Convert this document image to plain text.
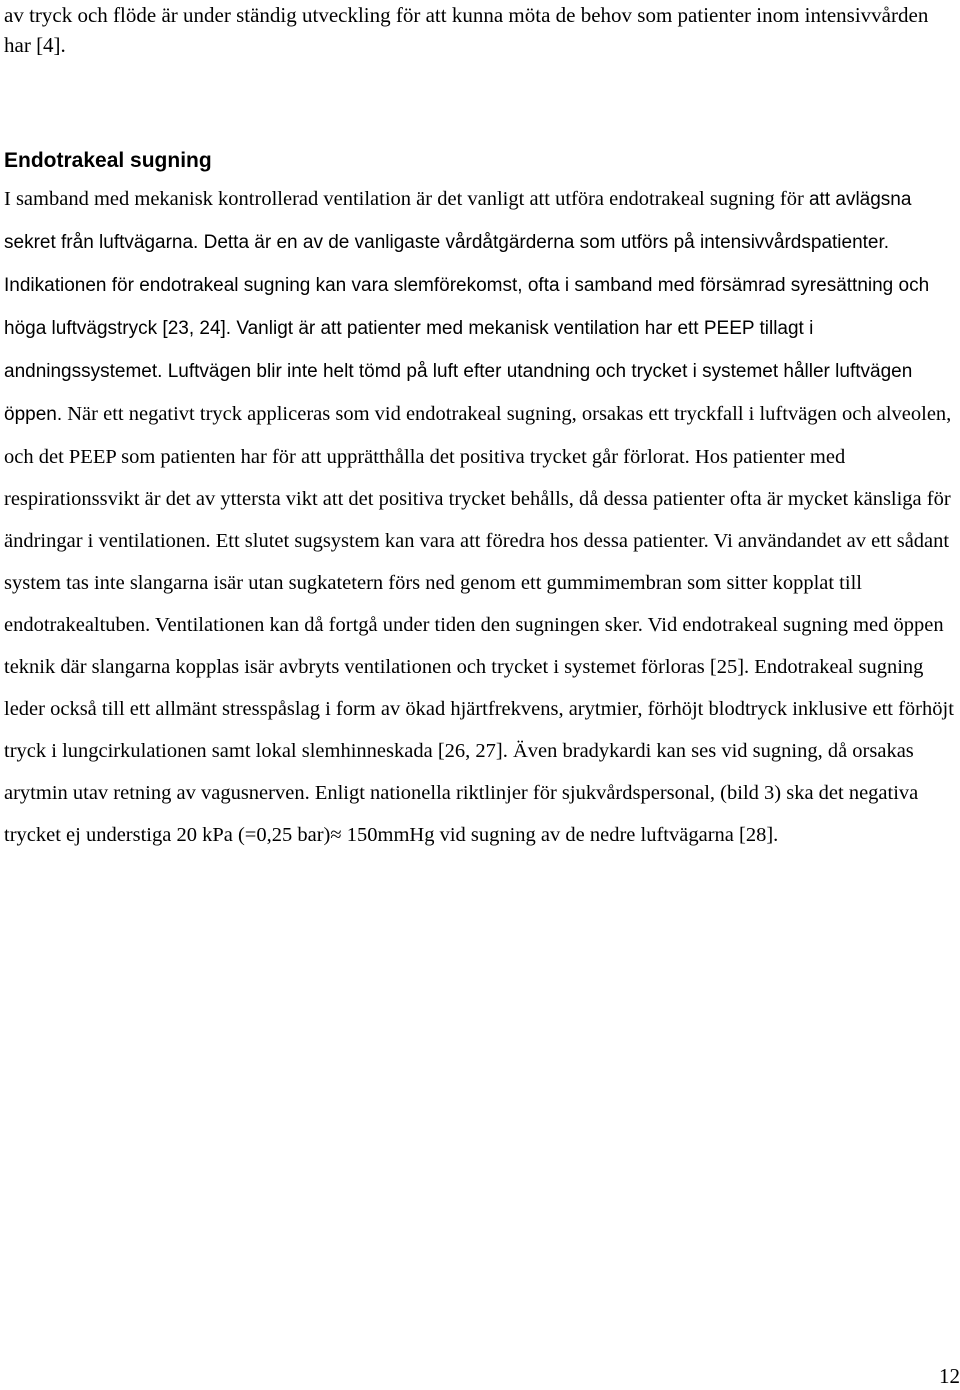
av tryck och flöde är under ständig utveckling för att kunna möta de behov som patienter inom intensivvården har [4].

Endotrakeal sugning

I samband med mekanisk kontrollerad ventilation är det vanligt att utföra endotrakeal sugning för att avlägsna sekret från luftvägarna. Detta är en av de vanligaste vårdåtgärderna som utförs på intensivvårdspatienter. Indikationen för endotrakeal sugning kan vara slemförekomst, ofta i samband med försämrad syresättning och höga luftvägstryck [23, 24]. Vanligt är att patienter med mekanisk ventilation har ett PEEP tillagt i andningssystemet. Luftvägen blir inte helt tömd på luft efter utandning och trycket i systemet håller luftvägen öppen. När ett negativt tryck appliceras som vid endotrakeal sugning, orsakas ett tryckfall i luftvägen och alveolen, och det PEEP som patienten har för att upprätthålla det positiva trycket går förlorat. Hos patienter med respirationssvikt är det av yttersta vikt att det positiva trycket behålls, då dessa patienter ofta är mycket känsliga för ändringar i ventilationen. Ett slutet sugsystem kan vara att föredra hos dessa patienter. Vi användandet av ett sådant system tas inte slangarna isär utan sugkatetern förs ned genom ett gummimembran som sitter kopplat till endotrakealtuben. Ventilationen kan då fortgå under tiden den sugningen sker. Vid endotrakeal sugning med öppen teknik där slangarna kopplas isär avbryts ventilationen och trycket i systemet förloras [25]. Endotrakeal sugning leder också till ett allmänt stresspåslag i form av ökad hjärtfrekvens, arytmier, förhöjt blodtryck inklusive ett förhöjt tryck i lungcirkulationen samt lokal slemhinneskada [26, 27]. Även bradykardi kan ses vid sugning, då orsakas arytmin utav retning av vagusnerven. Enligt nationella riktlinjer för sjukvårdspersonal, (bild 3) ska det negativa trycket ej understiga 20 kPa (=0,25 bar)≈ 150mmHg vid sugning av de nedre luftvägarna [28].

12
